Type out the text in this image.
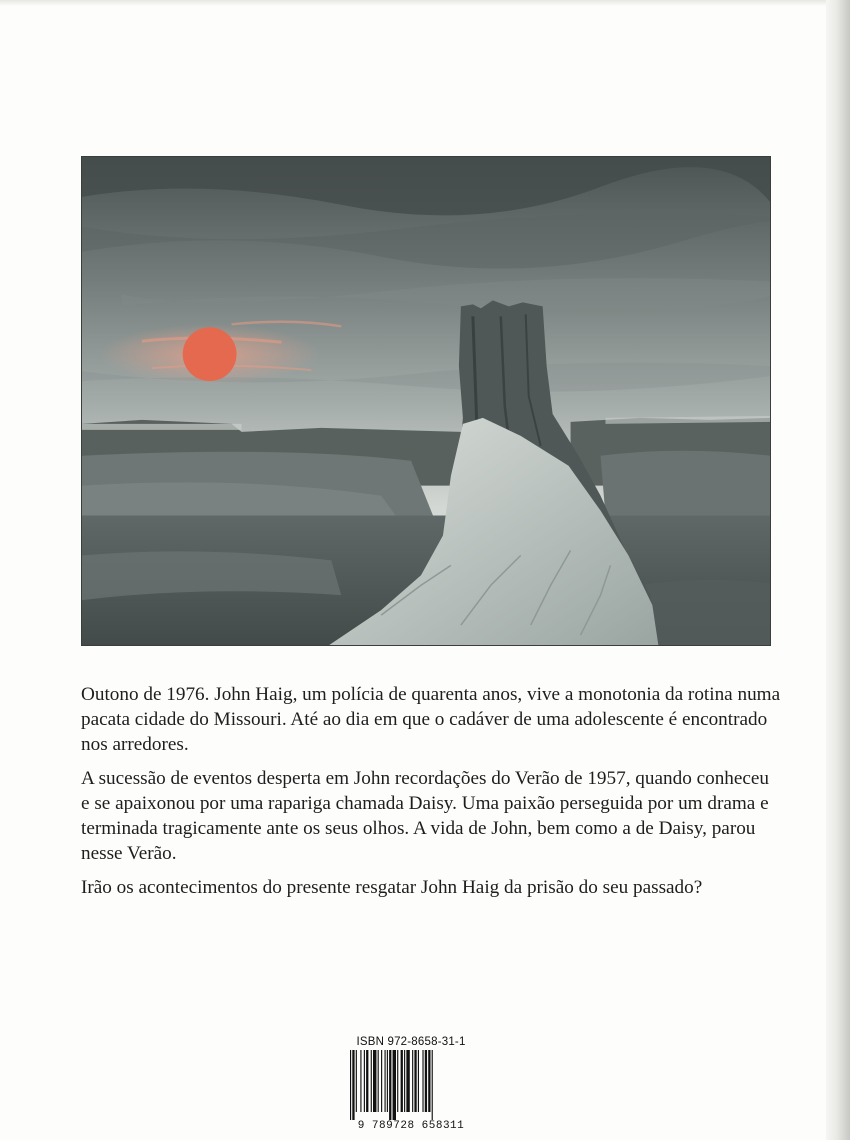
Outono de 1976. John Haig, um polícia de quarenta anos, vive a monotonia da rotina numa pacata cidade do Missouri. Até ao dia em que o cadáver de uma adolescente é encontrado nos arredores.

A sucessão de eventos desperta em John recordações do Verão de 1957, quando conheceu e se apaixonou por uma rapariga chamada Daisy. Uma paixão perseguida por um drama e terminada tragicamente ante os seus olhos. A vida de John, bem como a de Daisy, parou nesse Verão.

Irão os acontecimentos do presente resgatar John Haig da prisão do seu passado?

ISBN 972-8658-31-1
9 789728 658311
